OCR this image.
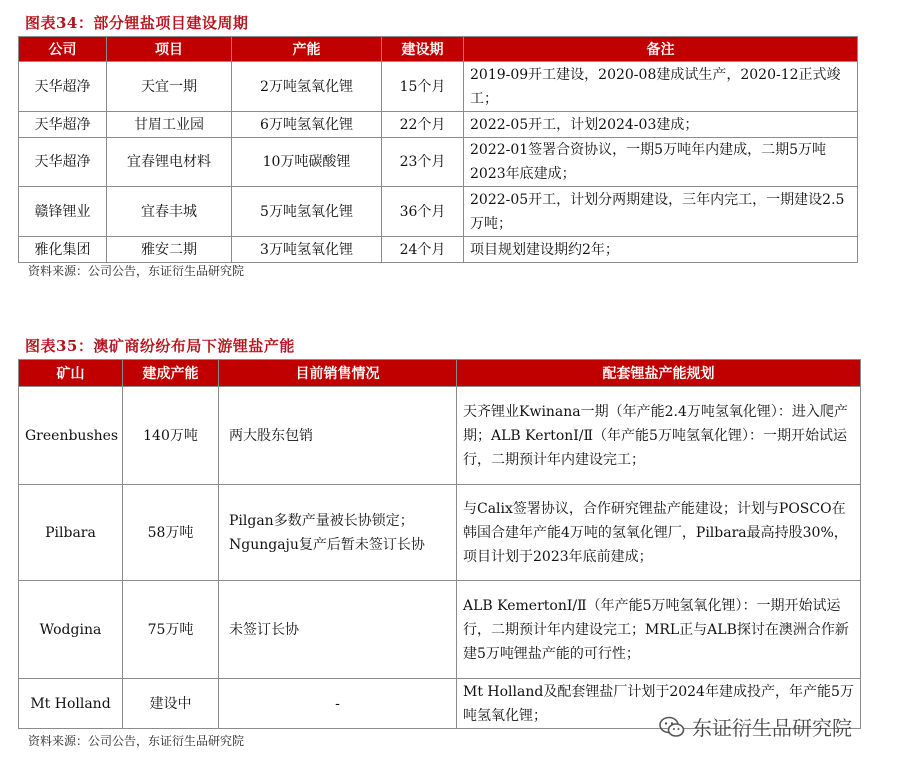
图表34：部分锂盐项目建设周期
公司	项目	产能	建设期	备注
天华超净	天宜一期	2万吨氢氧化锂	15个月	2019-09开工建设，2020-08建成试生产，2020-12正式竣工；
天华超净	甘眉工业园	6万吨氢氧化锂	22个月	2022-05开工，计划2024-03建成；
天华超净	宜春锂电材料	10万吨碳酸锂	23个月	2022-01签署合资协议，一期5万吨年内建成，二期5万吨2023年底建成；
赣锋锂业	宜春丰城	5万吨氢氧化锂	36个月	2022-05开工，计划分两期建设，三年内完工，一期建设2.5万吨；
雅化集团	雅安二期	3万吨氢氧化锂	24个月	项目规划建设期约2年；
资料来源：公司公告，东证衍生品研究院
图表35：澳矿商纷纷布局下游锂盐产能
矿山	建成产能	目前销售情况	配套锂盐产能规划
Greenbushes	140万吨	两大股东包销	天齐锂业Kwinana一期（年产能2.4万吨氢氧化锂）：进入爬产期；ALB KertonⅠ/Ⅱ（年产能5万吨氢氧化锂）：一期开始试运行，二期预计年内建设完工；
Pilbara	58万吨	Pilgan多数产量被长协锁定；Ngungaju复产后暂未签订长协	与Calix签署协议，合作研究锂盐产能建设；计划与POSCO在韩国合建年产能4万吨的氢氧化锂厂，Pilbara最高持股30%，项目计划于2023年底前建成；
Wodgina	75万吨	未签订长协	ALB KemertonⅠ/Ⅱ（年产能5万吨氢氧化锂）：一期开始试运行，二期预计年内建设完工；MRL正与ALB探讨在澳洲合作新建5万吨锂盐产能的可行性；
Mt Holland	建设中	-	Mt Holland及配套锂盐厂计划于2024年建成投产，年产能5万吨氢氧化锂；
资料来源：公司公告，东证衍生品研究院
东证衍生品研究院
